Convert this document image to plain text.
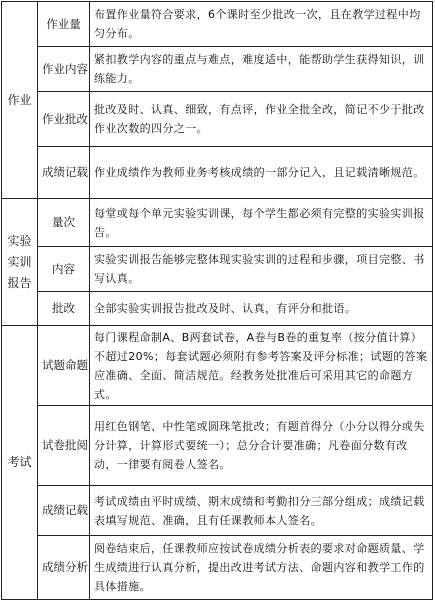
作业	作业量	布置作业量符合要求，6个课时至少批改一次，且在教学过程中均匀分布。
	作业内容	紧扣教学内容的重点与难点，难度适中，能帮助学生获得知识，训练能力。
	作业批改	批改及时、认真、细致，有点评，作业全批全改，简记不少于批改作业次数的四分之一。
	成绩记载	作业成绩作为教师业务考核成绩的一部分记入，且记载清晰规范。

实验
实训
报告	量次	每堂或每个单元实验实训课，每个学生都必须有完整的实验实训报告。
	内容	实验实训报告能够完整体现实验实训的过程和步骤，项目完整、书写认真。
	批改	全部实验实训报告批改及时、认真，有评分和批语。

考试	试题命题	每门课程命制A、B两套试卷，A卷与B卷的重复率（按分值计算）不超过20%；每套试题必须附有参考答案及评分标准；试题的答案应准确、全面、简洁规范。经教务处批准后可采用其它的命题方式。
	试卷批阅	用红色钢笔、中性笔或圆珠笔批改；有题首得分（小分以得分或失分计算，计算形式要统一）；总分合计要准确；凡卷面分数有改动，一律要有阅卷人签名。
	成绩记载	考试成绩由平时成绩、期末成绩和考勤扣分三部分组成；成绩记载表填写规范、准确，且有任课教师本人签名。
	成绩分析	阅卷结束后，任课教师应按试卷成绩分析表的要求对命题质量、学生成绩进行认真分析，提出改进考试方法、命题内容和教学工作的具体措施。
